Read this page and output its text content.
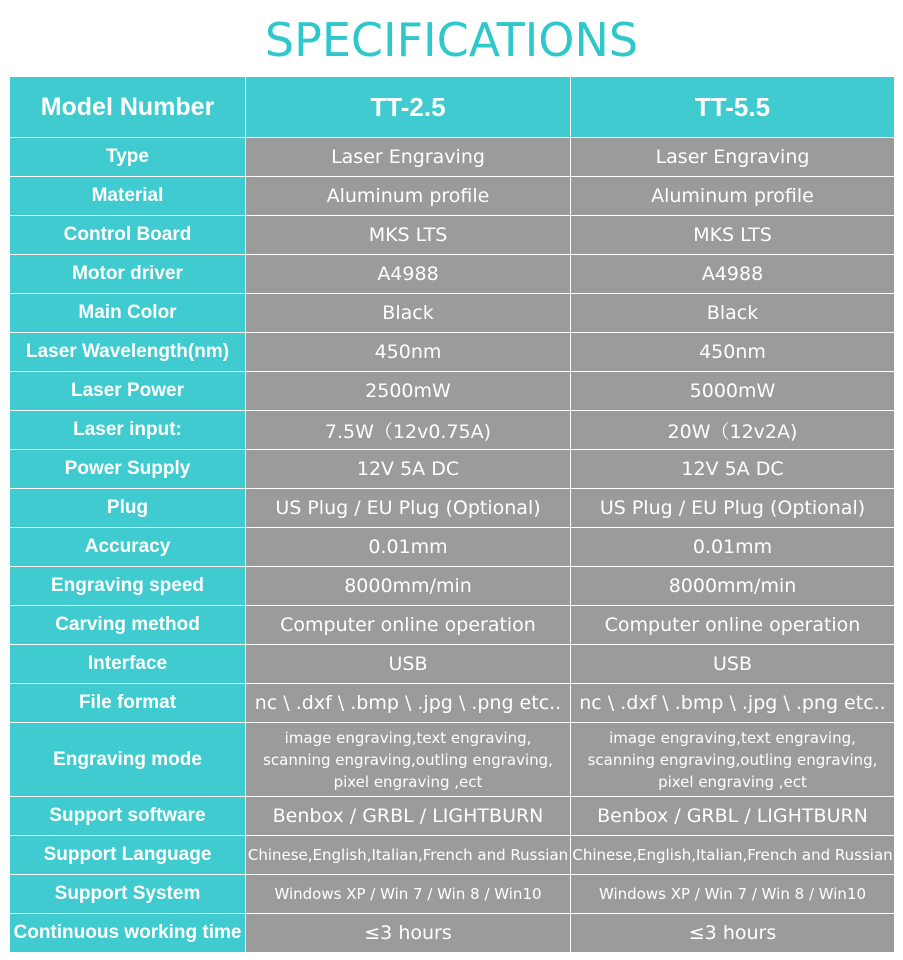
SPECIFICATIONS
Model Number	TT-2.5	TT-5.5
Type	Laser Engraving	Laser Engraving
Material	Aluminum profile	Aluminum profile
Control Board	MKS LTS	MKS LTS
Motor driver	A4988	A4988
Main Color	Black	Black
Laser Wavelength(nm)	450nm	450nm
Laser Power	2500mW	5000mW
Laser input:	7.5W（12v0.75A)	20W（12v2A)
Power Supply	12V 5A DC	12V 5A DC
Plug	US Plug / EU Plug (Optional)	US Plug / EU Plug (Optional)
Accuracy	0.01mm	0.01mm
Engraving speed	8000mm/min	8000mm/min
Carving method	Computer online operation	Computer online operation
Interface	USB	USB
File format	nc \ .dxf \ .bmp \ .jpg \ .png etc..	nc \ .dxf \ .bmp \ .jpg \ .png etc..
Engraving mode	image engraving,text engraving,
scanning engraving,outling engraving,
pixel engraving ,ect	image engraving,text engraving,
scanning engraving,outling engraving,
pixel engraving ,ect

Support software	Benbox / GRBL / LIGHTBURN	Benbox / GRBL / LIGHTBURN
Support Language	Chinese,English,Italian,French and Russian	Chinese,English,Italian,French and Russian
Support System	Windows XP / Win 7 / Win 8 / Win10	Windows XP / Win 7 / Win 8 / Win10
Continuous working time	≤3 hours	≤3 hours
